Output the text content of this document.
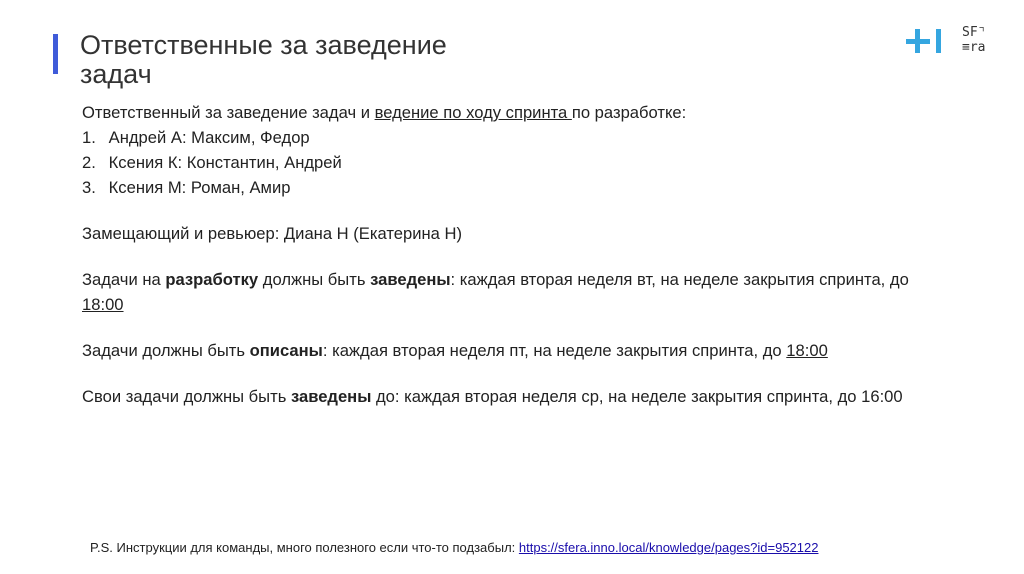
Ответственные за заведение
задач
SF⌝
≡ra

Ответственный за заведение задач и ведение по ходу спринта по разработке:

1. Андрей А: Максим, Федор
2. Ксения К: Константин, Андрей
3. Ксения М: Роман, Амир

Замещающий и ревьюер: Диана Н (Екатерина Н)

Задачи на разработку должны быть заведены: каждая вторая неделя вт, на неделе закрытия спринта, до 18:00

Задачи должны быть описаны: каждая вторая неделя пт, на неделе закрытия спринта, до 18:00

Свои задачи должны быть заведены до: каждая вторая неделя ср, на неделе закрытия спринта, до 16:00

P.S. Инструкции для команды, много полезного если что-то подзабыл: https://sfera.inno.local/knowledge/pages?id=952122
